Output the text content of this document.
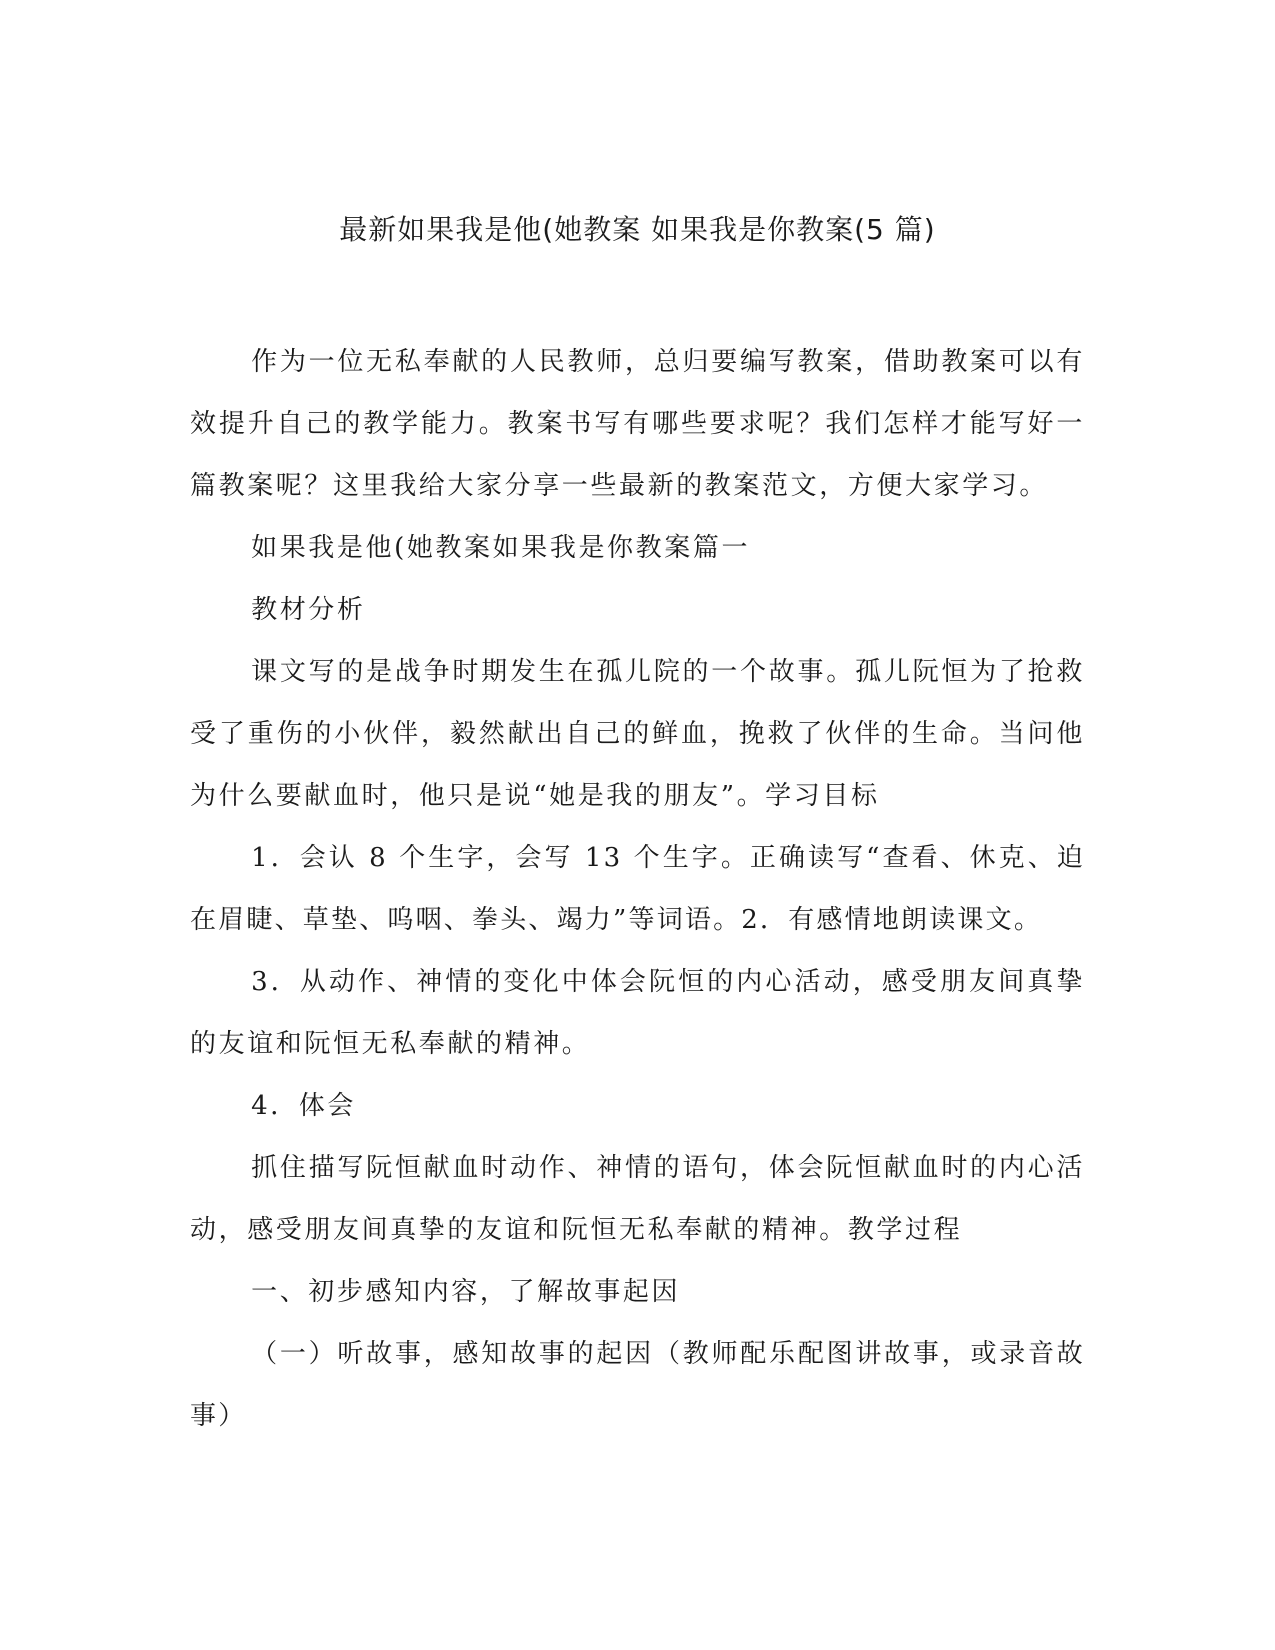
最新如果我是他(她教案 如果我是你教案(5 篇)

作为一位无私奉献的人民教师，总归要编写教案，借助教案可以有效提升自己的教学能力。教案书写有哪些要求呢？我们怎样才能写好一篇教案呢？这里我给大家分享一些最新的教案范文，方便大家学习。

如果我是他(她教案如果我是你教案篇一

教材分析

课文写的是战争时期发生在孤儿院的一个故事。孤儿阮恒为了抢救受了重伤的小伙伴，毅然献出自己的鲜血，挽救了伙伴的生命。当问他为什么要献血时，他只是说“她是我的朋友”。学习目标

1．会认 8 个生字，会写 13 个生字。正确读写“查看、休克、迫在眉睫、草垫、呜咽、拳头、竭力”等词语。2．有感情地朗读课文。

3．从动作、神情的变化中体会阮恒的内心活动，感受朋友间真挚的友谊和阮恒无私奉献的精神。

4．体会

抓住描写阮恒献血时动作、神情的语句，体会阮恒献血时的内心活动，感受朋友间真挚的友谊和阮恒无私奉献的精神。教学过程

一、初步感知内容，了解故事起因

（一）听故事，感知故事的起因（教师配乐配图讲故事，或录音故事）
